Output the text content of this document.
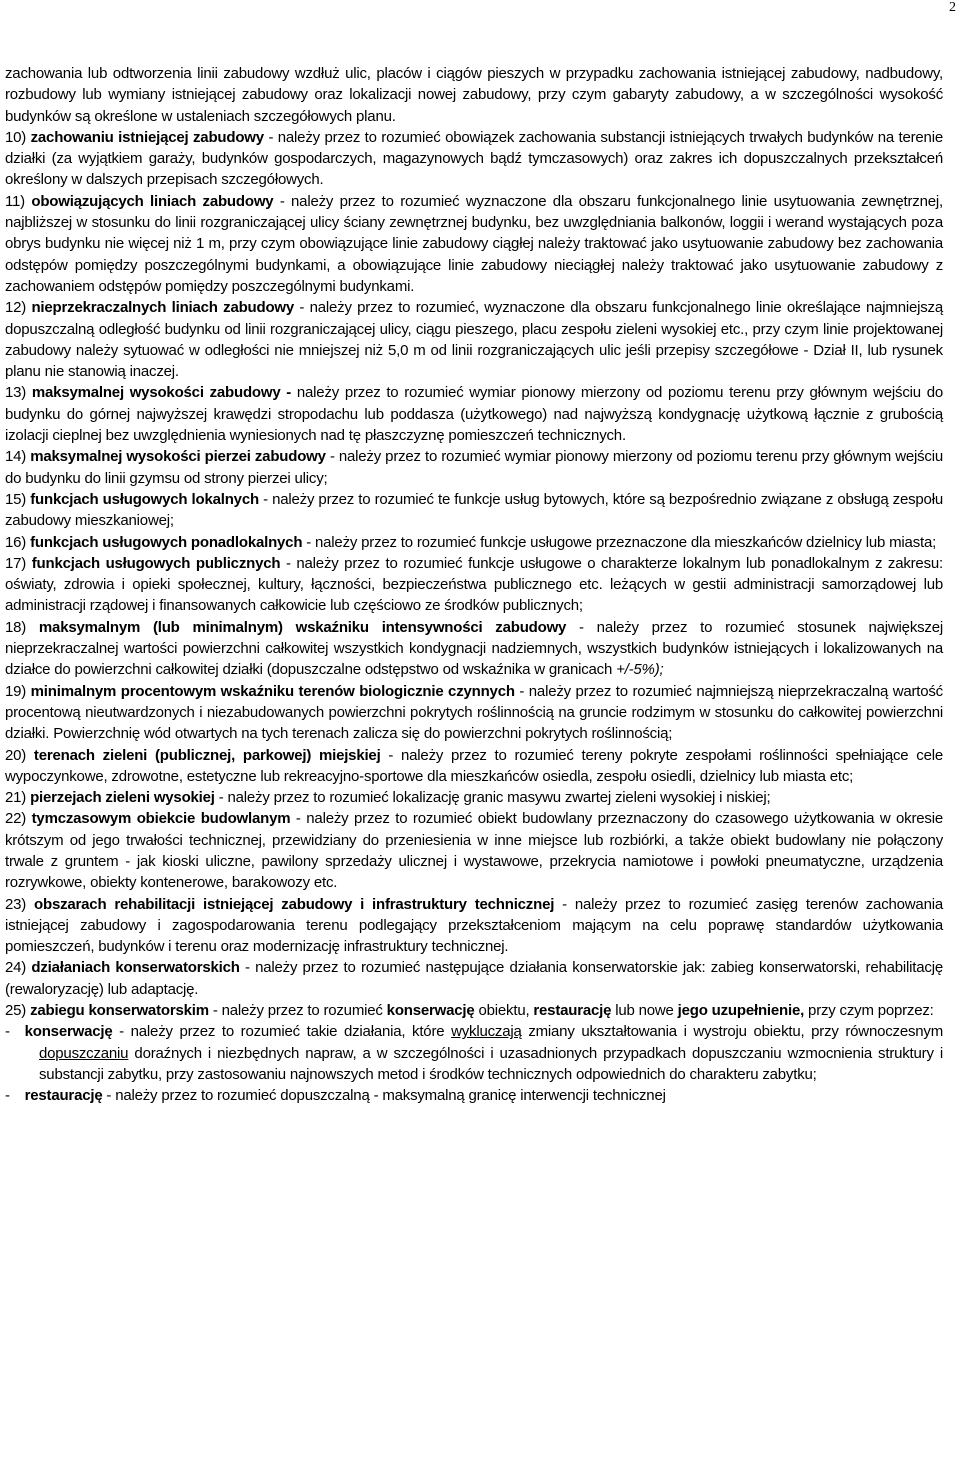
2

zachowania lub odtworzenia linii zabudowy wzdłuż ulic, placów i ciągów pieszych w przypadku zachowania istniejącej zabudowy, nadbudowy, rozbudowy lub wymiany istniejącej zabudowy oraz lokalizacji nowej zabudowy, przy czym gabaryty zabudowy, a w szczególności wysokość budynków są określone w ustaleniach szczegółowych planu.

10) zachowaniu istniejącej zabudowy - należy przez to rozumieć obowiązek zachowania substancji istniejących trwałych budynków na terenie działki (za wyjątkiem garaży, budynków gospodarczych, magazynowych bądź tymczasowych) oraz zakres ich dopuszczalnych przekształceń określony w dalszych przepisach szczegółowych.

11) obowiązujących liniach zabudowy - należy przez to rozumieć wyznaczone dla obszaru funkcjonalnego linie usytuowania zewnętrznej, najbliższej w stosunku do linii rozgraniczającej ulicy ściany zewnętrznej budynku, bez uwzględniania balkonów, loggii i werand wystających poza obrys budynku nie więcej niż 1 m, przy czym obowiązujące linie zabudowy ciągłej należy traktować jako usytuowanie zabudowy bez zachowania odstępów pomiędzy poszczególnymi budynkami, a obowiązujące linie zabudowy nieciągłej należy traktować jako usytuowanie zabudowy z zachowaniem odstępów pomiędzy poszczególnymi budynkami.

12) nieprzekraczalnych liniach zabudowy - należy przez to rozumieć, wyznaczone dla obszaru funkcjonalnego linie określające najmniejszą dopuszczalną odległość budynku od linii rozgraniczającej ulicy, ciągu pieszego, placu zespołu zieleni wysokiej etc., przy czym linie projektowanej zabudowy należy sytuować w odległości nie mniejszej niż 5,0 m od linii rozgraniczających ulic jeśli przepisy szczegółowe - Dział II, lub rysunek planu nie stanowią inaczej.

13) maksymalnej wysokości zabudowy - należy przez to rozumieć wymiar pionowy mierzony od poziomu terenu przy głównym wejściu do budynku do górnej najwyższej krawędzi stropodachu lub poddasza (użytkowego) nad najwyższą kondygnację użytkową łącznie z grubością izolacji cieplnej bez uwzględnienia wyniesionych nad tę płaszczyznę pomieszczeń technicznych.

14) maksymalnej wysokości pierzei zabudowy - należy przez to rozumieć wymiar pionowy mierzony od poziomu terenu przy głównym wejściu do budynku do linii gzymsu od strony pierzei ulicy;

15) funkcjach usługowych lokalnych - należy przez to rozumieć te funkcje usług bytowych, które są bezpośrednio związane z obsługą zespołu zabudowy mieszkaniowej;

16) funkcjach usługowych ponadlokalnych - należy przez to rozumieć funkcje usługowe przeznaczone dla mieszkańców dzielnicy lub miasta;

17) funkcjach usługowych publicznych - należy przez to rozumieć funkcje usługowe o charakterze lokalnym lub ponadlokalnym z zakresu: oświaty, zdrowia i opieki społecznej, kultury, łączności, bezpieczeństwa publicznego etc. leżących w gestii administracji samorządowej lub administracji rządowej i finansowanych całkowicie lub częściowo ze środków publicznych;

18) maksymalnym (lub minimalnym) wskaźniku intensywności zabudowy - należy przez to rozumieć stosunek największej nieprzekraczalnej wartości powierzchni całkowitej wszystkich kondygnacji nadziemnych, wszystkich budynków istniejących i lokalizowanych na działce do powierzchni całkowitej działki (dopuszczalne odstępstwo od wskaźnika w granicach +/-5%);

19) minimalnym procentowym wskaźniku terenów biologicznie czynnych - należy przez to rozumieć najmniejszą nieprzekraczalną wartość procentową nieutwardzonych i niezabudowanych powierzchni pokrytych roślinnością na gruncie rodzimym w stosunku do całkowitej powierzchni działki. Powierzchnię wód otwartych na tych terenach zalicza się do powierzchni pokrytych roślinnością;

20) terenach zieleni (publicznej, parkowej) miejskiej - należy przez to rozumieć tereny pokryte zespołami roślinności spełniające cele wypoczynkowe, zdrowotne, estetyczne lub rekreacyjno-sportowe dla mieszkańców osiedla, zespołu osiedli, dzielnicy lub miasta etc;

21) pierzejach zieleni wysokiej - należy przez to rozumieć lokalizację granic masywu zwartej zieleni wysokiej i niskiej;

22) tymczasowym obiekcie budowlanym - należy przez to rozumieć obiekt budowlany przeznaczony do czasowego użytkowania w okresie krótszym od jego trwałości technicznej, przewidziany do przeniesienia w inne miejsce lub rozbiórki, a także obiekt budowlany nie połączony trwale z gruntem - jak kioski uliczne, pawilony sprzedaży ulicznej i wystawowe, przekrycia namiotowe i powłoki pneumatyczne, urządzenia rozrywkowe, obiekty kontenerowe, barakowozy etc.

23) obszarach rehabilitacji istniejącej zabudowy i infrastruktury technicznej - należy przez to rozumieć zasięg terenów zachowania istniejącej zabudowy i zagospodarowania terenu podlegający przekształceniom mającym na celu poprawę standardów użytkowania pomieszczeń, budynków i terenu oraz modernizację infrastruktury technicznej.

24) działaniach konserwatorskich - należy przez to rozumieć następujące działania konserwatorskie jak: zabieg konserwatorski, rehabilitację (rewaloryzację) lub adaptację.

25) zabiegu konserwatorskim - należy przez to rozumieć konserwację obiektu, restaurację lub nowe jego uzupełnienie, przy czym poprzez:

- konserwację - należy przez to rozumieć takie działania, które wykluczają zmiany ukształtowania i wystroju obiektu, przy równoczesnym dopuszczaniu doraźnych i niezbędnych napraw, a w szczególności i uzasadnionych przypadkach dopuszczaniu wzmocnienia struktury i substancji zabytku, przy zastosowaniu najnowszych metod i środków technicznych odpowiednich do charakteru zabytku;

- restaurację - należy przez to rozumieć dopuszczalną - maksymalną granicę interwencji technicznej
